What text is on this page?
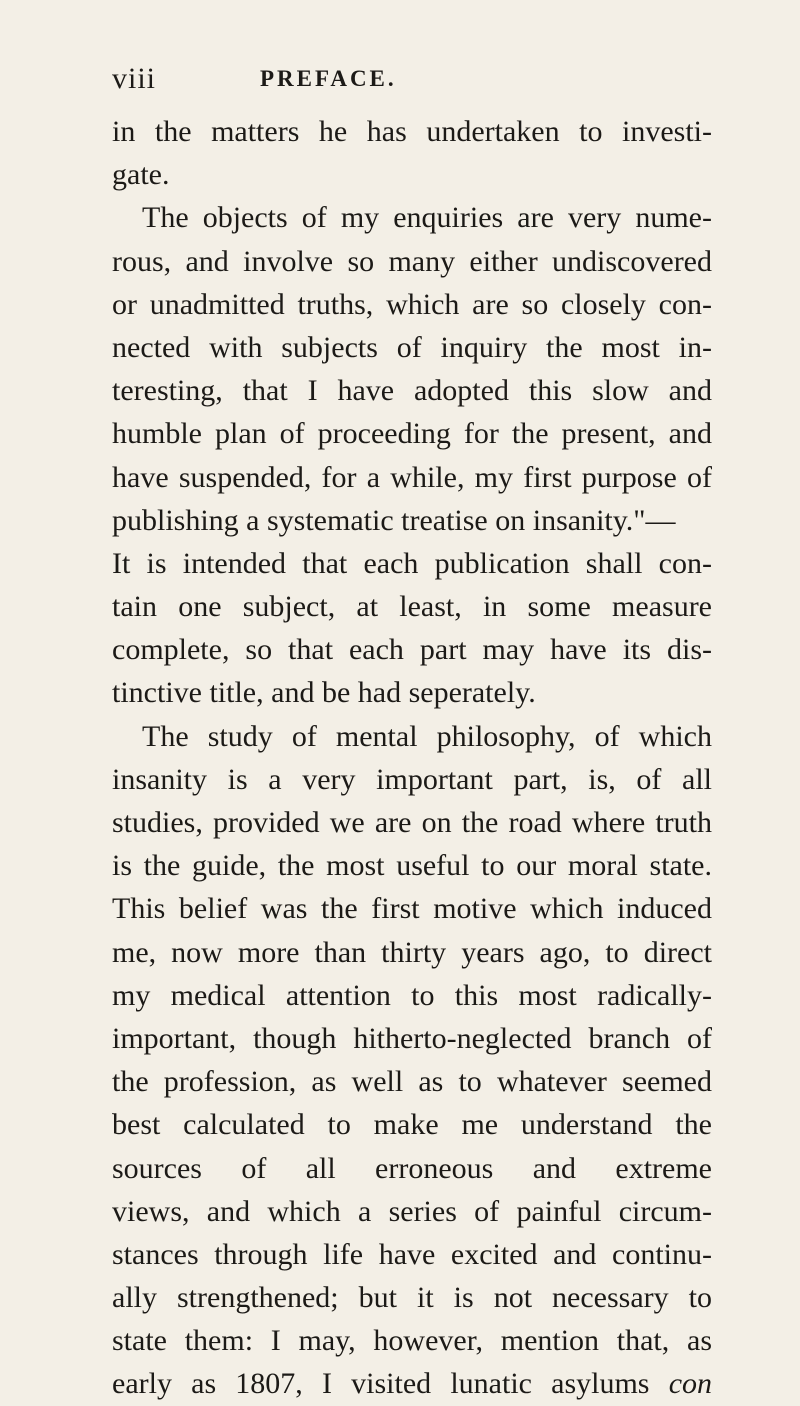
viii	PREFACE.
in the matters he has undertaken to investi-
gate.
The objects of my enquiries are very nume-
rous, and involve so many either undiscovered
or unadmitted truths, which are so closely con-
nected with subjects of inquiry the most in-
teresting, that I have adopted this slow and
humble plan of proceeding for the present, and
have suspended, for a while, my first purpose of
publishing a systematic treatise on insanity."—
It is intended that each publication shall con-
tain one subject, at least, in some measure
complete, so that each part may have its dis-
tinctive title, and be had seperately.
The study of mental philosophy, of which
insanity is a very important part, is, of all
studies, provided we are on the road where truth
is the guide, the most useful to our moral state.
This belief was the first motive which induced
me, now more than thirty years ago, to direct
my medical attention to this most radically-
important, though hitherto-neglected branch of
the profession, as well as to whatever seemed
best calculated to make me understand the
sources of all erroneous and extreme
views, and which a series of painful circum-
stances through life have excited and continu-
ally strengthened; but it is not necessary to
state them: I may, however, mention that, as
early as 1807, I visited lunatic asylums con
